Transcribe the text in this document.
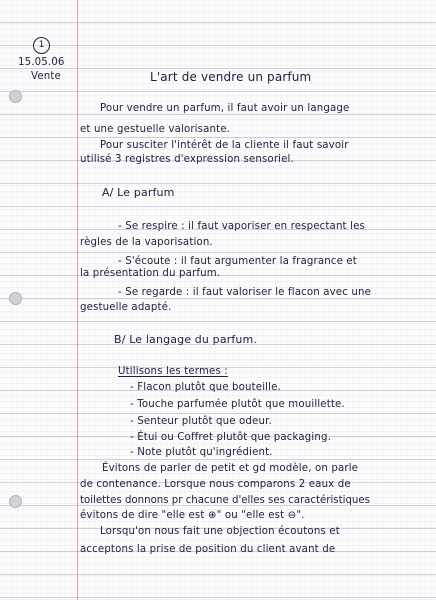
1
15.05.06
Vente	L'art de vendre un parfum
Pour vendre un parfum, il faut avoir un langage
et une gestuelle valorisante.
Pour susciter l'intérêt de la cliente il faut savoir
utilisé 3 registres d'expression sensoriel.
A/ Le parfum
- Se respire : il faut vaporiser en respectant les
règles de la vaporisation.
- S'écoute : il faut argumenter la fragrance et
la présentation du parfum.
- Se regarde : il faut valoriser le flacon avec une
gestuelle adapté.
B/ Le langage du parfum.
Utilisons les termes :
- Flacon plutôt que bouteille.
- Touche parfumée plutôt que mouillette.
- Senteur plutôt que odeur.
- Étui ou Coffret plutôt que packaging.
- Note plutôt qu'ingrédient.
Évitons de parler de petit et gd modèle, on parle
de contenance. Lorsque nous comparons 2 eaux de
toilettes donnons pr chacune d'elles ses caractéristiques
évitons de dire "elle est ⊕" ou "elle est ⊖".
Lorsqu'on nous fait une objection écoutons et
acceptons la prise de position du client avant de
